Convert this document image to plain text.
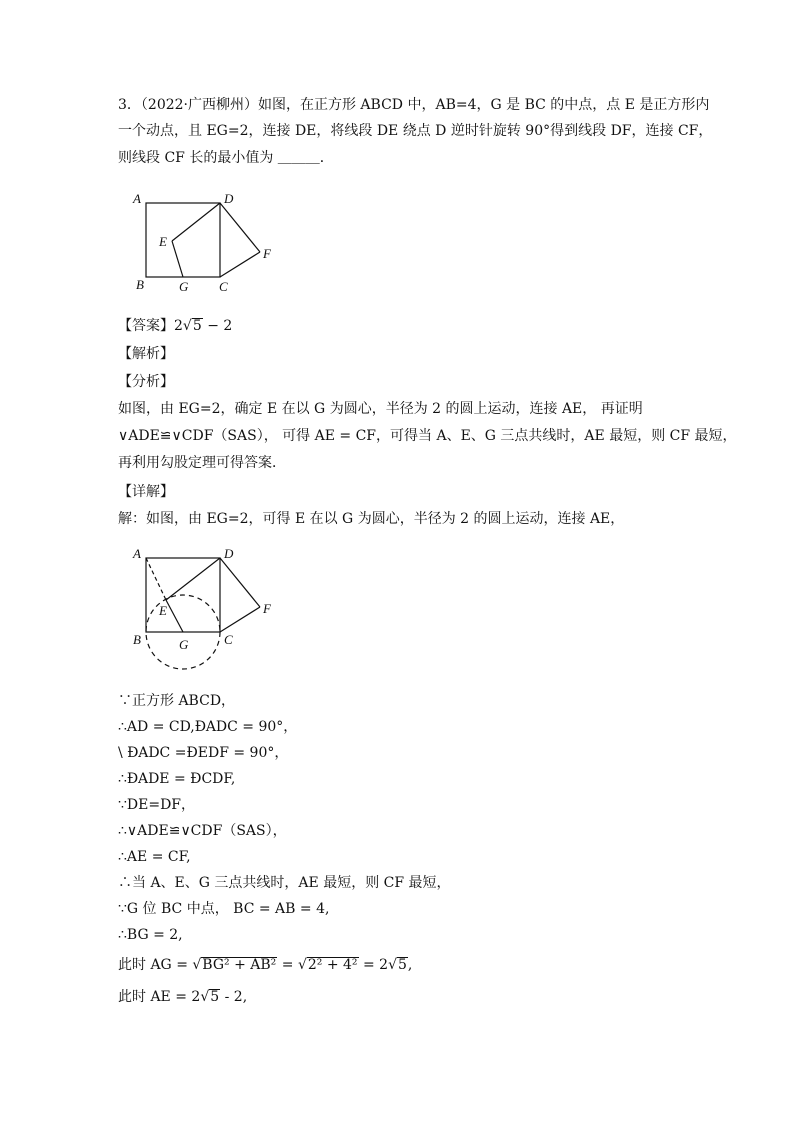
3．（2022·广西柳州）如图，在正方形 ABCD 中，AB=4，G 是 BC 的中点，点 E 是正方形内
一个动点，且 EG=2，连接 DE，将线段 DE 绕点 D 逆时针旋转 90°得到线段 DF，连接 CF，
则线段 CF 长的最小值为 ＿＿＿．
A	D
E
F
B	G C
【答案】2√5 − 2
【解析】
【分析】
如图，由 EG=2，确定 E 在以 G 为圆心，半径为 2 的圆上运动，连接 AE， 再证明
∨ADE≌∨CDF（SAS）， 可得 AE = CF，可得当 A、E、G 三点共线时，AE 最短，则 CF 最短，
再利用勾股定理可得答案．
【详解】
解：如图，由 EG=2，可得 E 在以 G 为圆心，半径为 2 的圆上运动，连接 AE，
A	D
E	F
B	G	C
∵正方形 ABCD，
∴AD = CD,ÐADC = 90°，
\ ÐADC =ÐEDF = 90°，
∴ÐADE = ÐCDF,
∵DE=DF，
∴∨ADE≌∨CDF（SAS），
∴AE = CF,
∴当 A、E、G 三点共线时，AE 最短，则 CF 最短，
∵G 位 BC 中点， BC = AB = 4,
∴BG = 2,
此时 AG = √BG² + AB² = √2² + 4² = 2√5,
此时 AE = 2√5 - 2,
